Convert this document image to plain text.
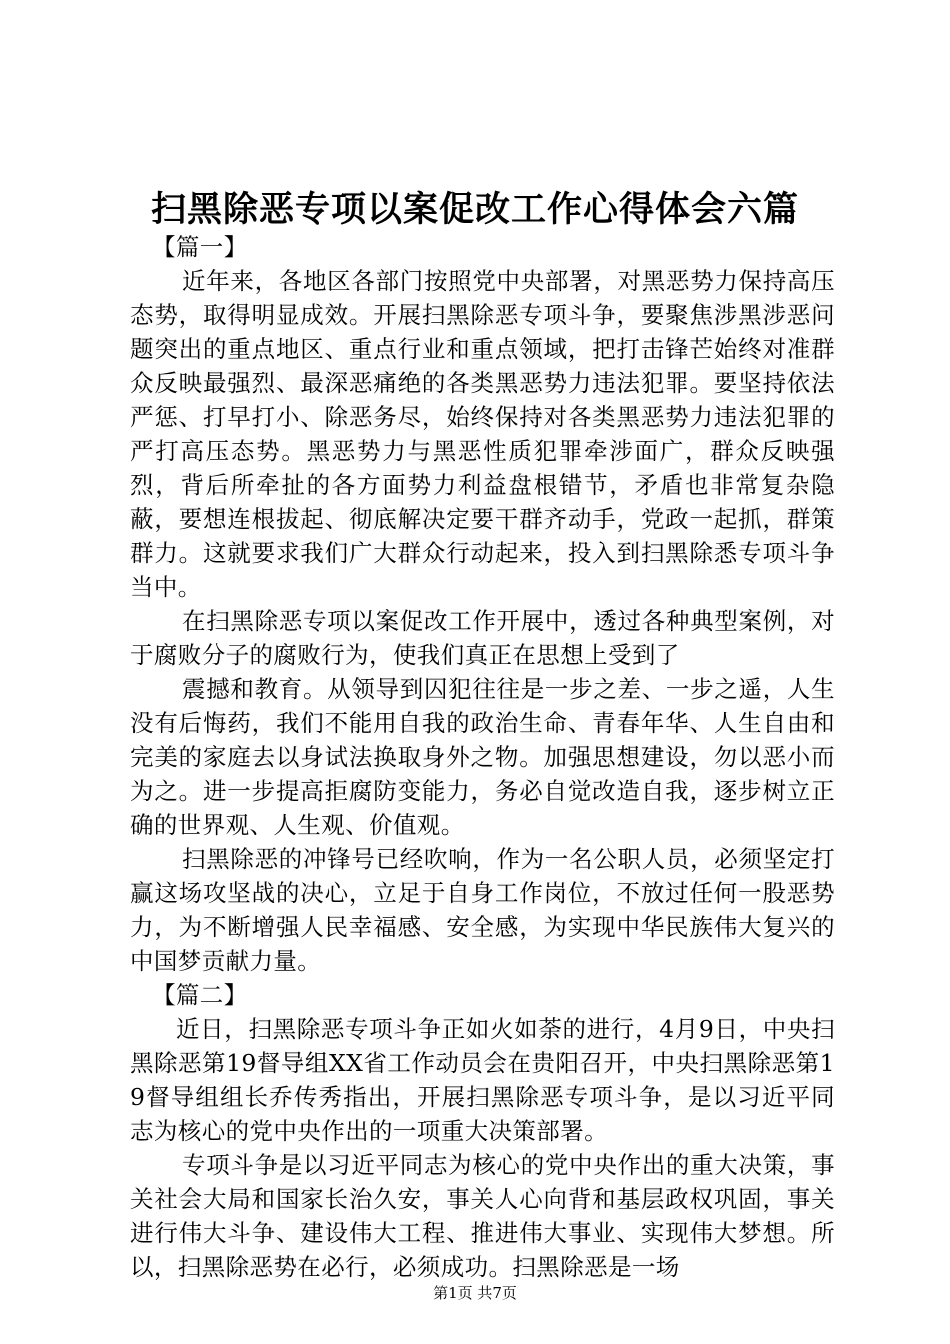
扫黑除恶专项以案促改工作心得体会六篇

【篇一】

近年来，各地区各部门按照党中央部署，对黑恶势力保持高压态势，取得明显成效。开展扫黑除恶专项斗争，要聚焦涉黑涉恶问题突出的重点地区、重点行业和重点领域，把打击锋芒始终对准群众反映最强烈、最深恶痛绝的各类黑恶势力违法犯罪。要坚持依法严惩、打早打小、除恶务尽，始终保持对各类黑恶势力违法犯罪的严打高压态势。黑恶势力与黑恶性质犯罪牵涉面广，群众反映强烈，背后所牵扯的各方面势力利益盘根错节，矛盾也非常复杂隐蔽，要想连根拔起、彻底解决定要干群齐动手，党政一起抓，群策群力。这就要求我们广大群众行动起来，投入到扫黑除悉专项斗争当中。

在扫黑除恶专项以案促改工作开展中，透过各种典型案例，对于腐败分子的腐败行为，使我们真正在思想上受到了

震撼和教育。从领导到囚犯往往是一步之差、一步之遥，人生没有后悔药，我们不能用自我的政治生命、青春年华、人生自由和完美的家庭去以身试法换取身外之物。加强思想建设，勿以恶小而为之。进一步提高拒腐防变能力，务必自觉改造自我，逐步树立正确的世界观、人生观、价值观。

扫黑除恶的冲锋号已经吹响，作为一名公职人员，必须坚定打赢这场攻坚战的决心，立足于自身工作岗位，不放过任何一股恶势力，为不断增强人民幸福感、安全感，为实现中华民族伟大复兴的中国梦贡献力量。

【篇二】

近日，扫黑除恶专项斗争正如火如荼的进行，4月9日，中央扫黑除恶第19督导组XX省工作动员会在贵阳召开，中央扫黑除恶第19督导组组长乔传秀指出，开展扫黑除恶专项斗争，是以习近平同志为核心的党中央作出的一项重大决策部署。

专项斗争是以习近平同志为核心的党中央作出的重大决策，事关社会大局和国家长治久安，事关人心向背和基层政权巩固，事关进行伟大斗争、建设伟大工程、推进伟大事业、实现伟大梦想。所以，扫黑除恶势在必行，必须成功。扫黑除恶是一场

第1页 共7页
